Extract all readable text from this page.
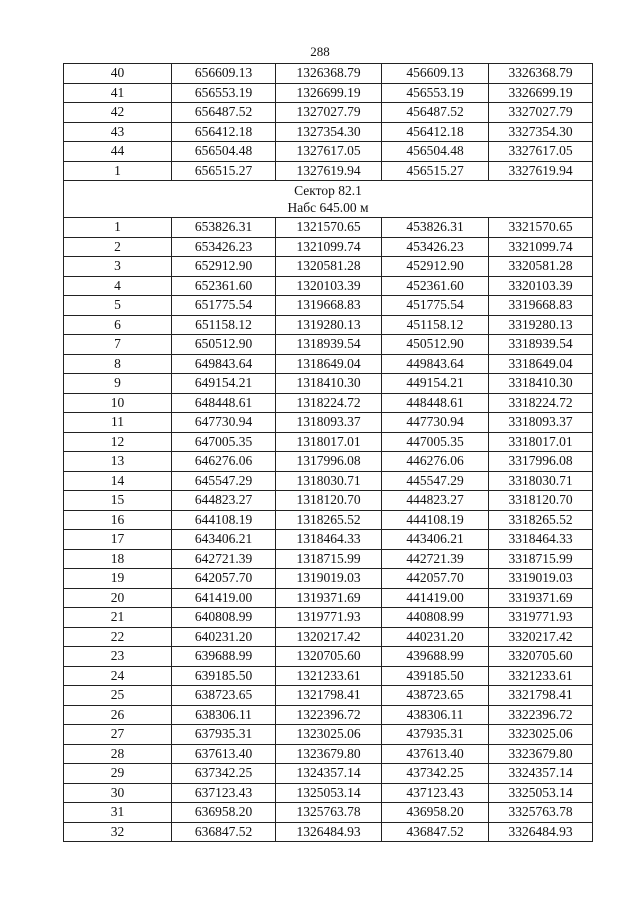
288
40	656609.13	1326368.79	456609.13	3326368.79
41	656553.19	1326699.19	456553.19	3326699.19
42	656487.52	1327027.79	456487.52	3327027.79
43	656412.18	1327354.30	456412.18	3327354.30
44	656504.48	1327617.05	456504.48	3327617.05
1	656515.27	1327619.94	456515.27	3327619.94

Сектор 82.1
Набс 645.00 м				

1	653826.31	1321570.65	453826.31	3321570.65
2	653426.23	1321099.74	453426.23	3321099.74
3	652912.90	1320581.28	452912.90	3320581.28
4	652361.60	1320103.39	452361.60	3320103.39
5	651775.54	1319668.83	451775.54	3319668.83
6	651158.12	1319280.13	451158.12	3319280.13
7	650512.90	1318939.54	450512.90	3318939.54
8	649843.64	1318649.04	449843.64	3318649.04
9	649154.21	1318410.30	449154.21	3318410.30
10	648448.61	1318224.72	448448.61	3318224.72
11	647730.94	1318093.37	447730.94	3318093.37
12	647005.35	1318017.01	447005.35	3318017.01
13	646276.06	1317996.08	446276.06	3317996.08
14	645547.29	1318030.71	445547.29	3318030.71
15	644823.27	1318120.70	444823.27	3318120.70
16	644108.19	1318265.52	444108.19	3318265.52
17	643406.21	1318464.33	443406.21	3318464.33
18	642721.39	1318715.99	442721.39	3318715.99
19	642057.70	1319019.03	442057.70	3319019.03
20	641419.00	1319371.69	441419.00	3319371.69
21	640808.99	1319771.93	440808.99	3319771.93
22	640231.20	1320217.42	440231.20	3320217.42
23	639688.99	1320705.60	439688.99	3320705.60
24	639185.50	1321233.61	439185.50	3321233.61
25	638723.65	1321798.41	438723.65	3321798.41
26	638306.11	1322396.72	438306.11	3322396.72
27	637935.31	1323025.06	437935.31	3323025.06
28	637613.40	1323679.80	437613.40	3323679.80
29	637342.25	1324357.14	437342.25	3324357.14
30	637123.43	1325053.14	437123.43	3325053.14
31	636958.20	1325763.78	436958.20	3325763.78
32	636847.52	1326484.93	436847.52	3326484.93
